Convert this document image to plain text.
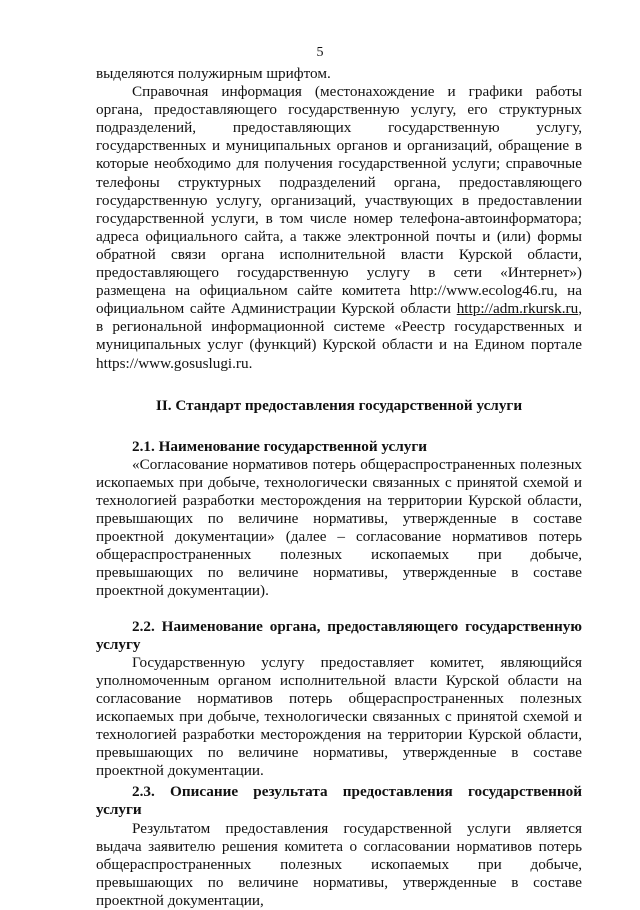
5

выделяются полужирным шрифтом.

Справочная информация (местонахождение и графики работы органа, предоставляющего государственную услугу, его структурных подразделений, предоставляющих государственную услугу, государственных и муниципальных органов и организаций, обращение в которые необходимо для получения государственной услуги; справочные телефоны структурных подразделений органа, предоставляющего государственную услугу, организаций, участвующих в предоставлении государственной услуги, в том числе номер телефона-автоинформатора; адреса официального сайта, а также электронной почты и (или) формы обратной связи органа исполнительной власти Курской области, предоставляющего государственную услугу в сети «Интернет») размещена на официальном сайте комитета http://www.ecolog46.ru, на официальном сайте Администрации Курской области http://adm.rkursk.ru, в региональной информационной системе «Реестр государственных и муниципальных услуг (функций) Курской области и на Едином портале https://www.gosuslugi.ru.

II. Стандарт предоставления государственной услуги

2.1. Наименование государственной услуги

«Согласование нормативов потерь общераспространенных полезных ископаемых при добыче, технологически связанных с принятой схемой и технологией разработки месторождения на территории Курской области, превышающих по величине нормативы, утвержденные в составе проектной документации» (далее – согласование нормативов потерь общераспространенных полезных ископаемых при добыче, превышающих по величине нормативы, утвержденные в составе проектной документации).

2.2. Наименование органа, предоставляющего государственную услугу

Государственную услугу предоставляет комитет, являющийся уполномоченным органом исполнительной власти Курской области на согласование нормативов потерь общераспространенных полезных ископаемых при добыче, технологически связанных с принятой схемой и технологией разработки месторождения на территории Курской области, превышающих по величине нормативы, утвержденные в составе проектной документации.

2.3. Описание результата предоставления государственной услуги

Результатом предоставления государственной услуги является выдача заявителю решения комитета о согласовании нормативов потерь общераспространенных полезных ископаемых при добыче, превышающих по величине нормативы, утвержденные в составе проектной документации,
